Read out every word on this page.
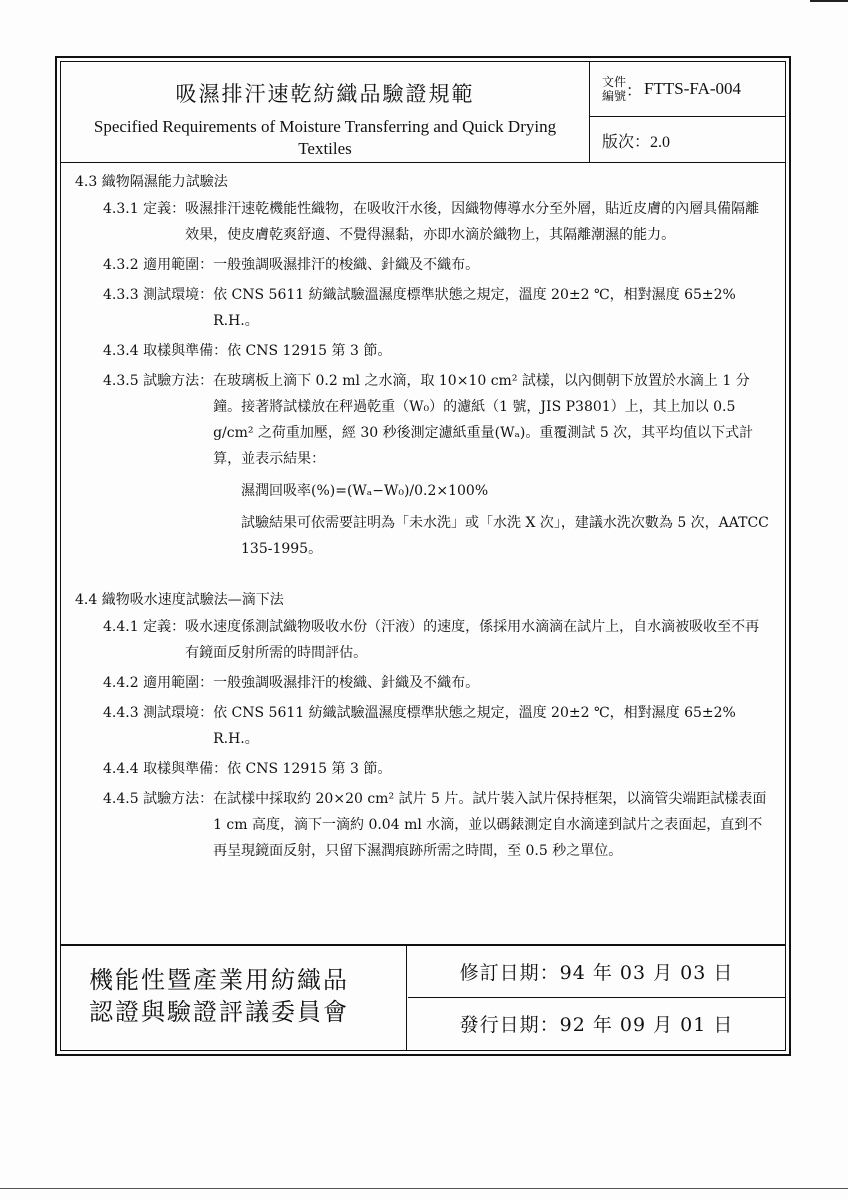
吸濕排汗速乾紡織品驗證規範
Specified Requirements of Moisture Transferring and Quick Drying Textiles
文件
編號 ： FTTS-FA-004
版次：2.0
4.3 織物隔濕能力試驗法
4.3.1 定義： 吸濕排汗速乾機能性織物，在吸收汗水後，因織物傳導水分至外層，貼近皮膚的內層具備隔離效果，使皮膚乾爽舒適、不覺得濕黏，亦即水滴於織物上，其隔離潮濕的能力。
4.3.2 適用範圍： 一般強調吸濕排汗的梭織、針織及不織布。
4.3.3 測試環境： 依 CNS 5611 紡織試驗溫濕度標準狀態之規定，溫度 20±2 ℃，相對濕度 65±2% R.H.。
4.3.4 取樣與準備： 依 CNS 12915 第 3 節。
4.3.5 試驗方法： 在玻璃板上滴下 0.2 ml 之水滴，取 10×10 cm² 試樣，以內側朝下放置於水滴上 1 分鐘。接著將試樣放在秤過乾重（W₀）的濾紙（1 號，JIS P3801）上，其上加以 0.5 g/cm² 之荷重加壓，經 30 秒後測定濾紙重量(Wₐ)。重覆測試 5 次，其平均值以下式計算，並表示結果：
濕潤回吸率(%)=(Wₐ−W₀)/0.2×100%
試驗結果可依需要註明為「未水洗」或「水洗 X 次」，建議水洗次數為 5 次，AATCC 135-1995。
4.4 織物吸水速度試驗法—滴下法
4.4.1 定義： 吸水速度係測試織物吸收水份（汗液）的速度，係採用水滴滴在試片上，自水滴被吸收至不再有鏡面反射所需的時間評估。
4.4.2 適用範圍： 一般強調吸濕排汗的梭織、針織及不織布。
4.4.3 測試環境： 依 CNS 5611 紡織試驗溫濕度標準狀態之規定，溫度 20±2 ℃，相對濕度 65±2% R.H.。
4.4.4 取樣與準備： 依 CNS 12915 第 3 節。
4.4.5 試驗方法： 在試樣中採取約 20×20 cm² 試片 5 片。試片裝入試片保持框架，以滴管尖端距試樣表面 1 cm 高度，滴下一滴約 0.04 ml 水滴，並以碼錶測定自水滴達到試片之表面起，直到不再呈現鏡面反射，只留下濕潤痕跡所需之時間，至 0.5 秒之單位。
機能性暨產業用紡織品
認證與驗證評議委員會
修訂日期：94 年 03 月 03 日
發行日期：92 年 09 月 01 日
